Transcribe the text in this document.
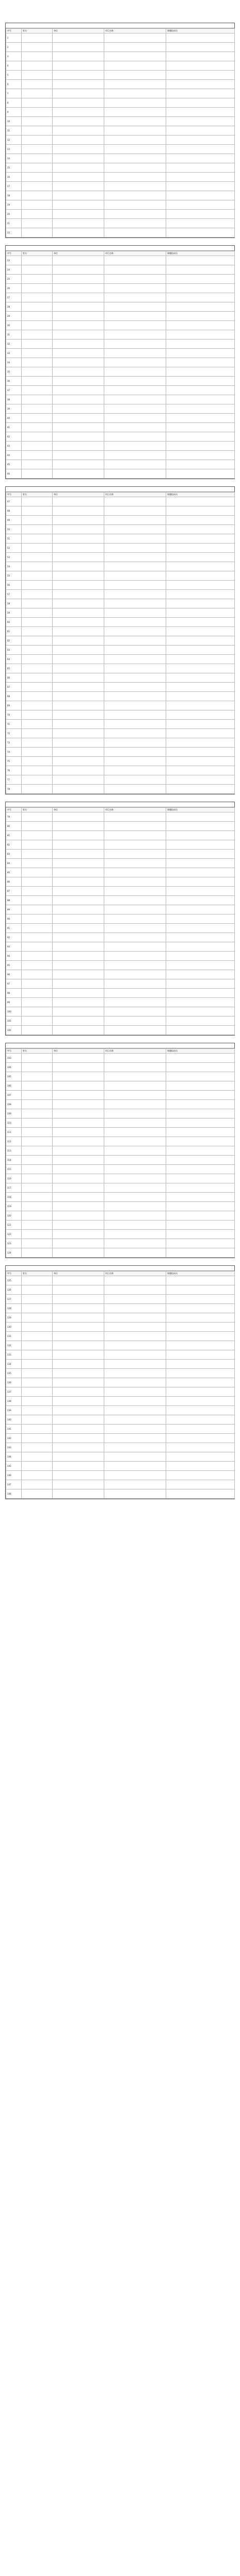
序号	姓名	单位	项目名称	课题组成员
1				
2				
3				
4				
5				
6				
7				
8				
9				
10				
11				
12				
13				
14				
15				
16				
17				
18				
19				
20				
21				
22				
序号	姓名	单位	项目名称	课题组成员
23				
24				
25				
26				
27				
28				
29				
30				
31				
32				
33				
34				
35				
36				
37				
38				
39				
40				
41				
42				
43				
44				
45				
46				
序号	姓名	单位	项目名称	课题组成员
47				
48				
49				
50				
51				
52				
53				
54				
55				
56				
57				
58				
59				
60				
61				
62				
63				
64				
65				
66				
67				
68				
69				
70				
71				
72				
73				
74				
75				
76				
77				
78				
序号	姓名	单位	项目名称	课题组成员
79				
80				
81				
82				
83				
84				
85				
86				
87				
88				
89				
90				
91				
92				
93				
94				
95				
96				
97				
98				
99				
100				
101				
102				
序号	姓名	单位	项目名称	课题组成员
103				
104				
105				
106				
107				
108				
109				
110				
111				
112				
113				
114				
115				
116				
117				
118				
119				
120				
121				
122				
123				
124				
序号	姓名	单位	项目名称	课题组成员
125				
126				
127				
128				
129				
130				
131				
132				
133				
134				
135				
136				
137				
138				
139				
140				
141				
142				
143				
144				
145				
146				
147				
148				
